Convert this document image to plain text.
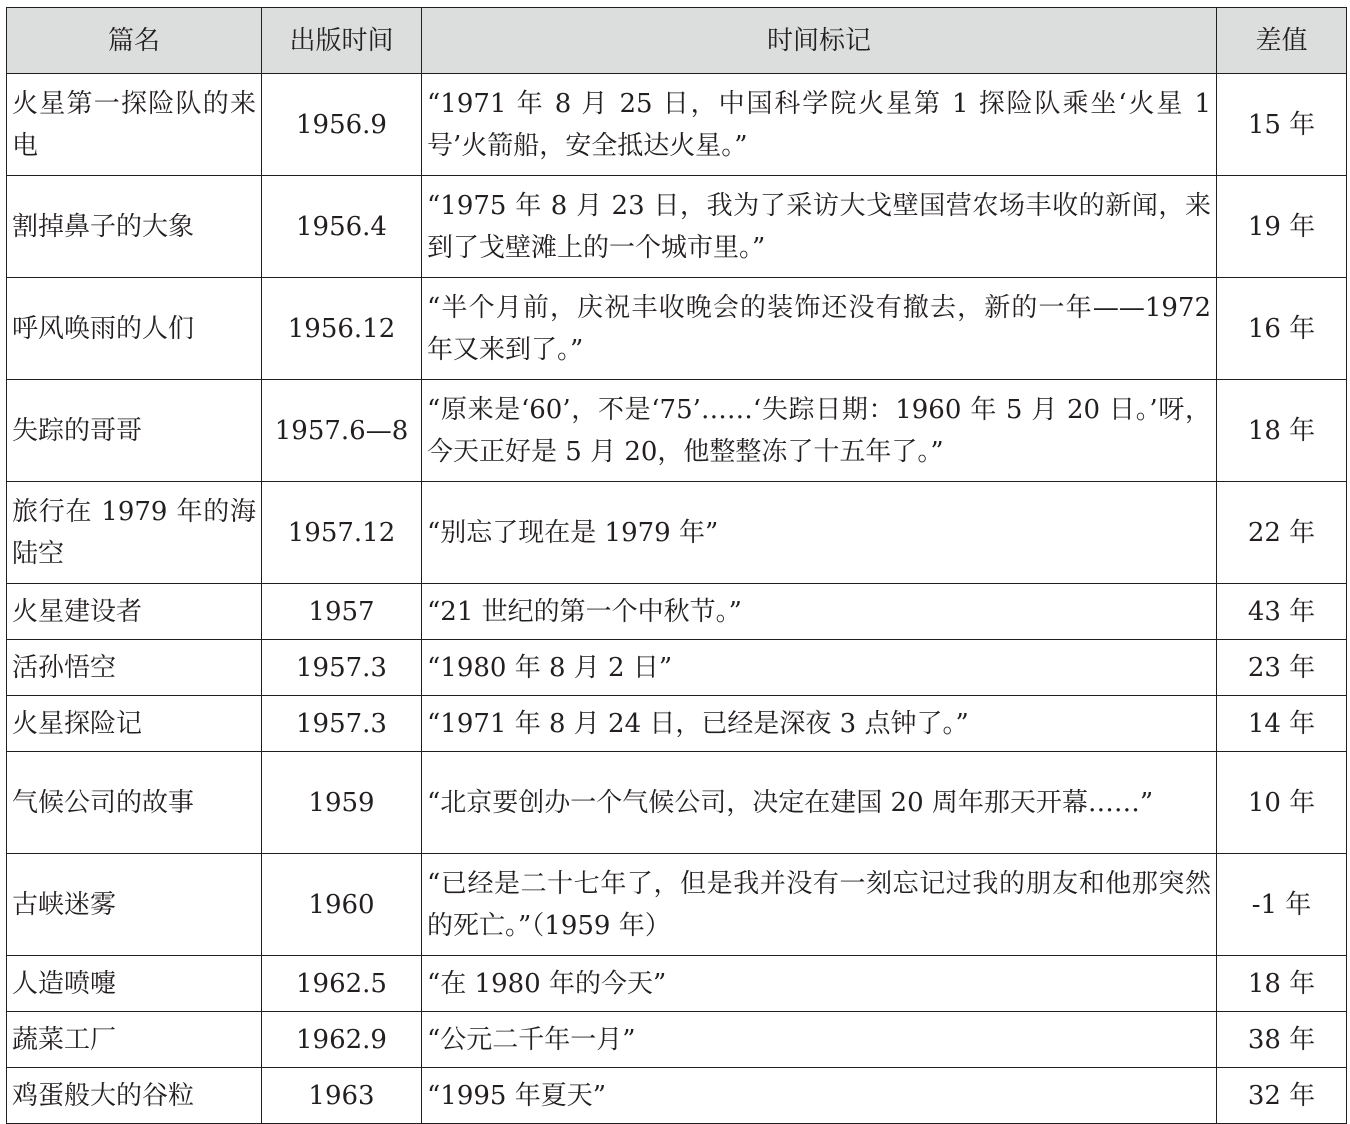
篇名	出版时间	时间标记	差值
火星第一探险队的来电	1956.9	“1971 年 8 月 25 日，中国科学院火星第 1 探险队乘坐‘火星 1 号’火箭船，安全抵达火星。”	15 年
割掉鼻子的大象	1956.4	“1975 年 8 月 23 日，我为了采访大戈壁国营农场丰收的新闻，来到了戈壁滩上的一个城市里。”	19 年
呼风唤雨的人们	1956.12	“半个月前，庆祝丰收晚会的装饰还没有撤去，新的一年——1972 年又来到了。”	16 年
失踪的哥哥	1957.6—8	“原来是‘60’，不是‘75’……‘失踪日期：1960 年 5 月 20 日。’呀，今天正好是 5 月 20，他整整冻了十五年了。”	18 年
旅行在 1979 年的海陆空	1957.12	“别忘了现在是 1979 年”	22 年
火星建设者	1957	“21 世纪的第一个中秋节。”	43 年
活孙悟空	1957.3	“1980 年 8 月 2 日”	23 年
火星探险记	1957.3	“1971 年 8 月 24 日，已经是深夜 3 点钟了。”	14 年
气候公司的故事	1959	“北京要创办一个气候公司，决定在建国 20 周年那天开幕……”	10 年
古峡迷雾	1960	“已经是二十七年了，但是我并没有一刻忘记过我的朋友和他那突然的死亡。”（1959 年）	-1 年
人造喷嚏	1962.5	“在 1980 年的今天”	18 年
蔬菜工厂	1962.9	“公元二千年一月”	38 年
鸡蛋般大的谷粒	1963	“1995 年夏天”	32 年
